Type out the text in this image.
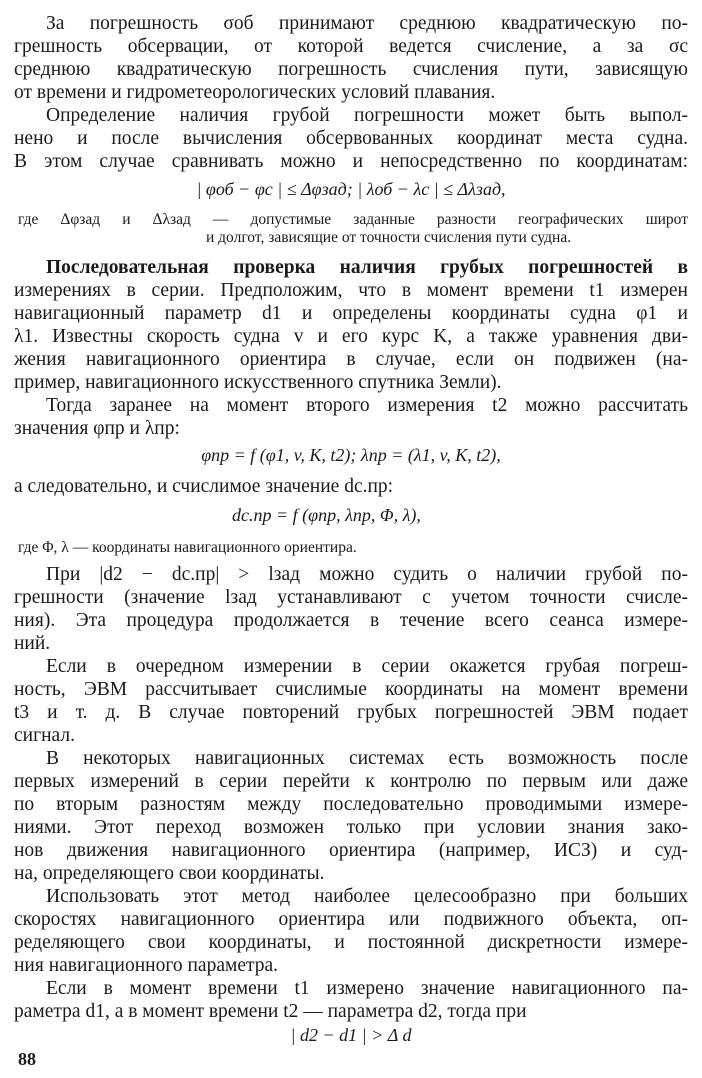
За погрешность σоб принимают среднюю квадратическую по-
грешность обсервации, от которой ведется счисление, а за σс
среднюю квадратическую погрешность счисления пути, зависящую
от времени и гидрометеорологических условий плавания.
Определение наличия грубой погрешности может быть выпол-
нено и после вычисления обсервованных координат места судна.
В этом случае сравнивать можно и непосредственно по координатам:
| φоб − φс | ≤ Δφзад; | λоб − λс | ≤ Δλзад,
где Δφзад и Δλзад — допустимые заданные разности географических широт
и долгот, зависящие от точности счисления пути судна.
Последовательная проверка наличия грубых погрешностей в
измерениях в серии. Предположим, что в момент времени t1 измерен
навигационный параметр d1 и определены координаты судна φ1 и
λ1. Известны скорость судна v и его курс K, а также уравнения дви-
жения навигационного ориентира в случае, если он подвижен (на-
пример, навигационного искусственного спутника Земли).
Тогда заранее на момент второго измерения t2 можно рассчитать
значения φпр и λпр:
φпр = f (φ1, v, K, t2); λпр = (λ1, v, K, t2),
а следовательно, и счислимое значение dс.пр:
dс.пр = f (φпр, λпр, Φ, λ),
где Φ, λ — координаты навигационного ориентира.
При |d2 − dс.пр| > lзад можно судить о наличии грубой по-
грешности (значение lзад устанавливают с учетом точности счисле-
ния). Эта процедура продолжается в течение всего сеанса измере-
ний.
Если в очередном измерении в серии окажется грубая погреш-
ность, ЭВМ рассчитывает счислимые координаты на момент времени
t3 и т. д. В случае повторений грубых погрешностей ЭВМ подает
сигнал.
В некоторых навигационных системах есть возможность после
первых измерений в серии перейти к контролю по первым или даже
по вторым разностям между последовательно проводимыми измере-
ниями. Этот переход возможен только при условии знания зако-
нов движения навигационного ориентира (например, ИСЗ) и суд-
на, определяющего свои координаты.
Использовать этот метод наиболее целесообразно при больших
скоростях навигационного ориентира или подвижного объекта, оп-
ределяющего свои координаты, и постоянной дискретности измере-
ния навигационного параметра.
Если в момент времени t1 измерено значение навигационного па-
раметра d1, а в момент времени t2 — параметра d2, тогда при
| d2 − d1 | > Δ d
88
